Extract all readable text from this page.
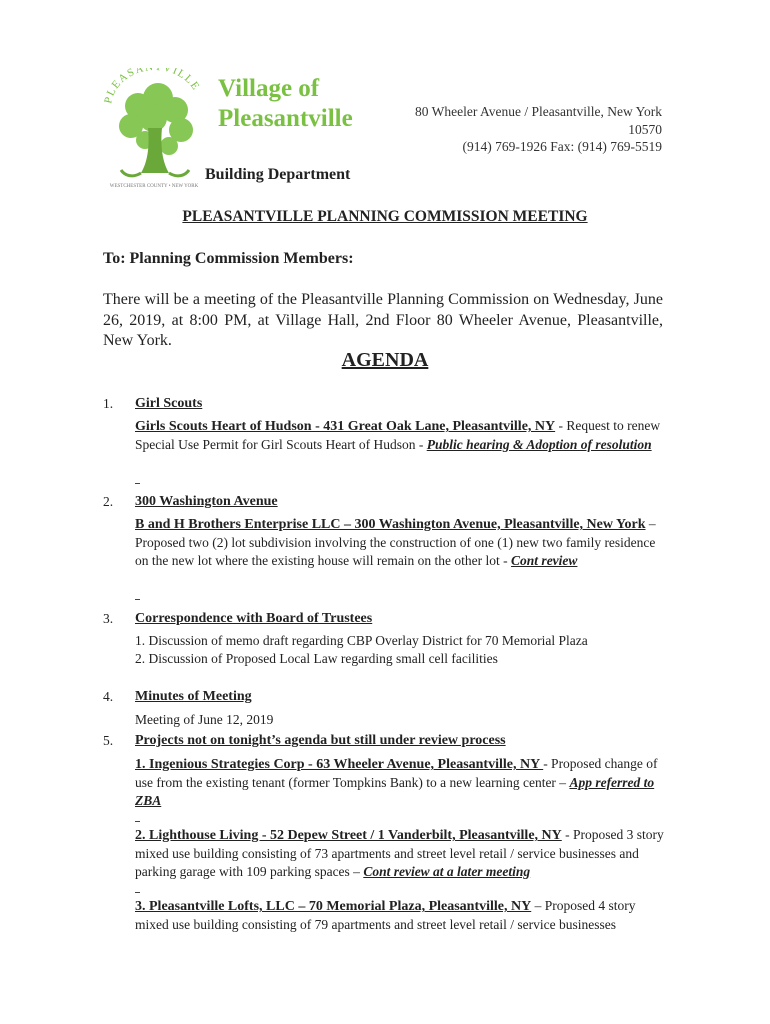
PLEASA VILLE
WESTCHESTER COUNTY • NEW YORK
Village of
Pleasantville	80 Wheeler Avenue / Pleasantville, New York
10570
(914) 769-1926 Fax: (914) 769-5519
Building Department
PLEASANTVILLE PLANNING COMMISSION MEETING
To: Planning Commission Members:
There will be a meeting of the Pleasantville Planning Commission on Wednesday, June 26, 2019, at 8:00 PM, at Village Hall, 2nd Floor 80 Wheeler Avenue, Pleasantville, New York.
AGENDA
1. Girl Scouts
Girls Scouts Heart of Hudson - 431 Great Oak Lane, Pleasantville, NY - Request to renew Special Use Permit for Girl Scouts Heart of Hudson - Public hearing & Adoption of resolution
2. 300 Washington Avenue
B and H Brothers Enterprise LLC – 300 Washington Avenue, Pleasantville, New York – Proposed two (2) lot subdivision involving the construction of one (1) new two family residence on the new lot where the existing house will remain on the other lot - Cont review
3. Correspondence with Board of Trustees
1. Discussion of memo draft regarding CBP Overlay District for 70 Memorial Plaza
2. Discussion of Proposed Local Law regarding small cell facilities
4. Minutes of Meeting
Meeting of June 12, 2019
5. Projects not on tonight’s agenda but still under review process
1. Ingenious Strategies Corp - 63 Wheeler Avenue, Pleasantville, NY - Proposed change of use from the existing tenant (former Tompkins Bank) to a new learning center – App referred to ZBA
2. Lighthouse Living - 52 Depew Street / 1 Vanderbilt, Pleasantville, NY - Proposed 3 story mixed use building consisting of 73 apartments and street level retail / service businesses and parking garage with 109 parking spaces – Cont review at a later meeting
3. Pleasantville Lofts, LLC – 70 Memorial Plaza, Pleasantville, NY – Proposed 4 story mixed use building consisting of 79 apartments and street level retail / service businesses
